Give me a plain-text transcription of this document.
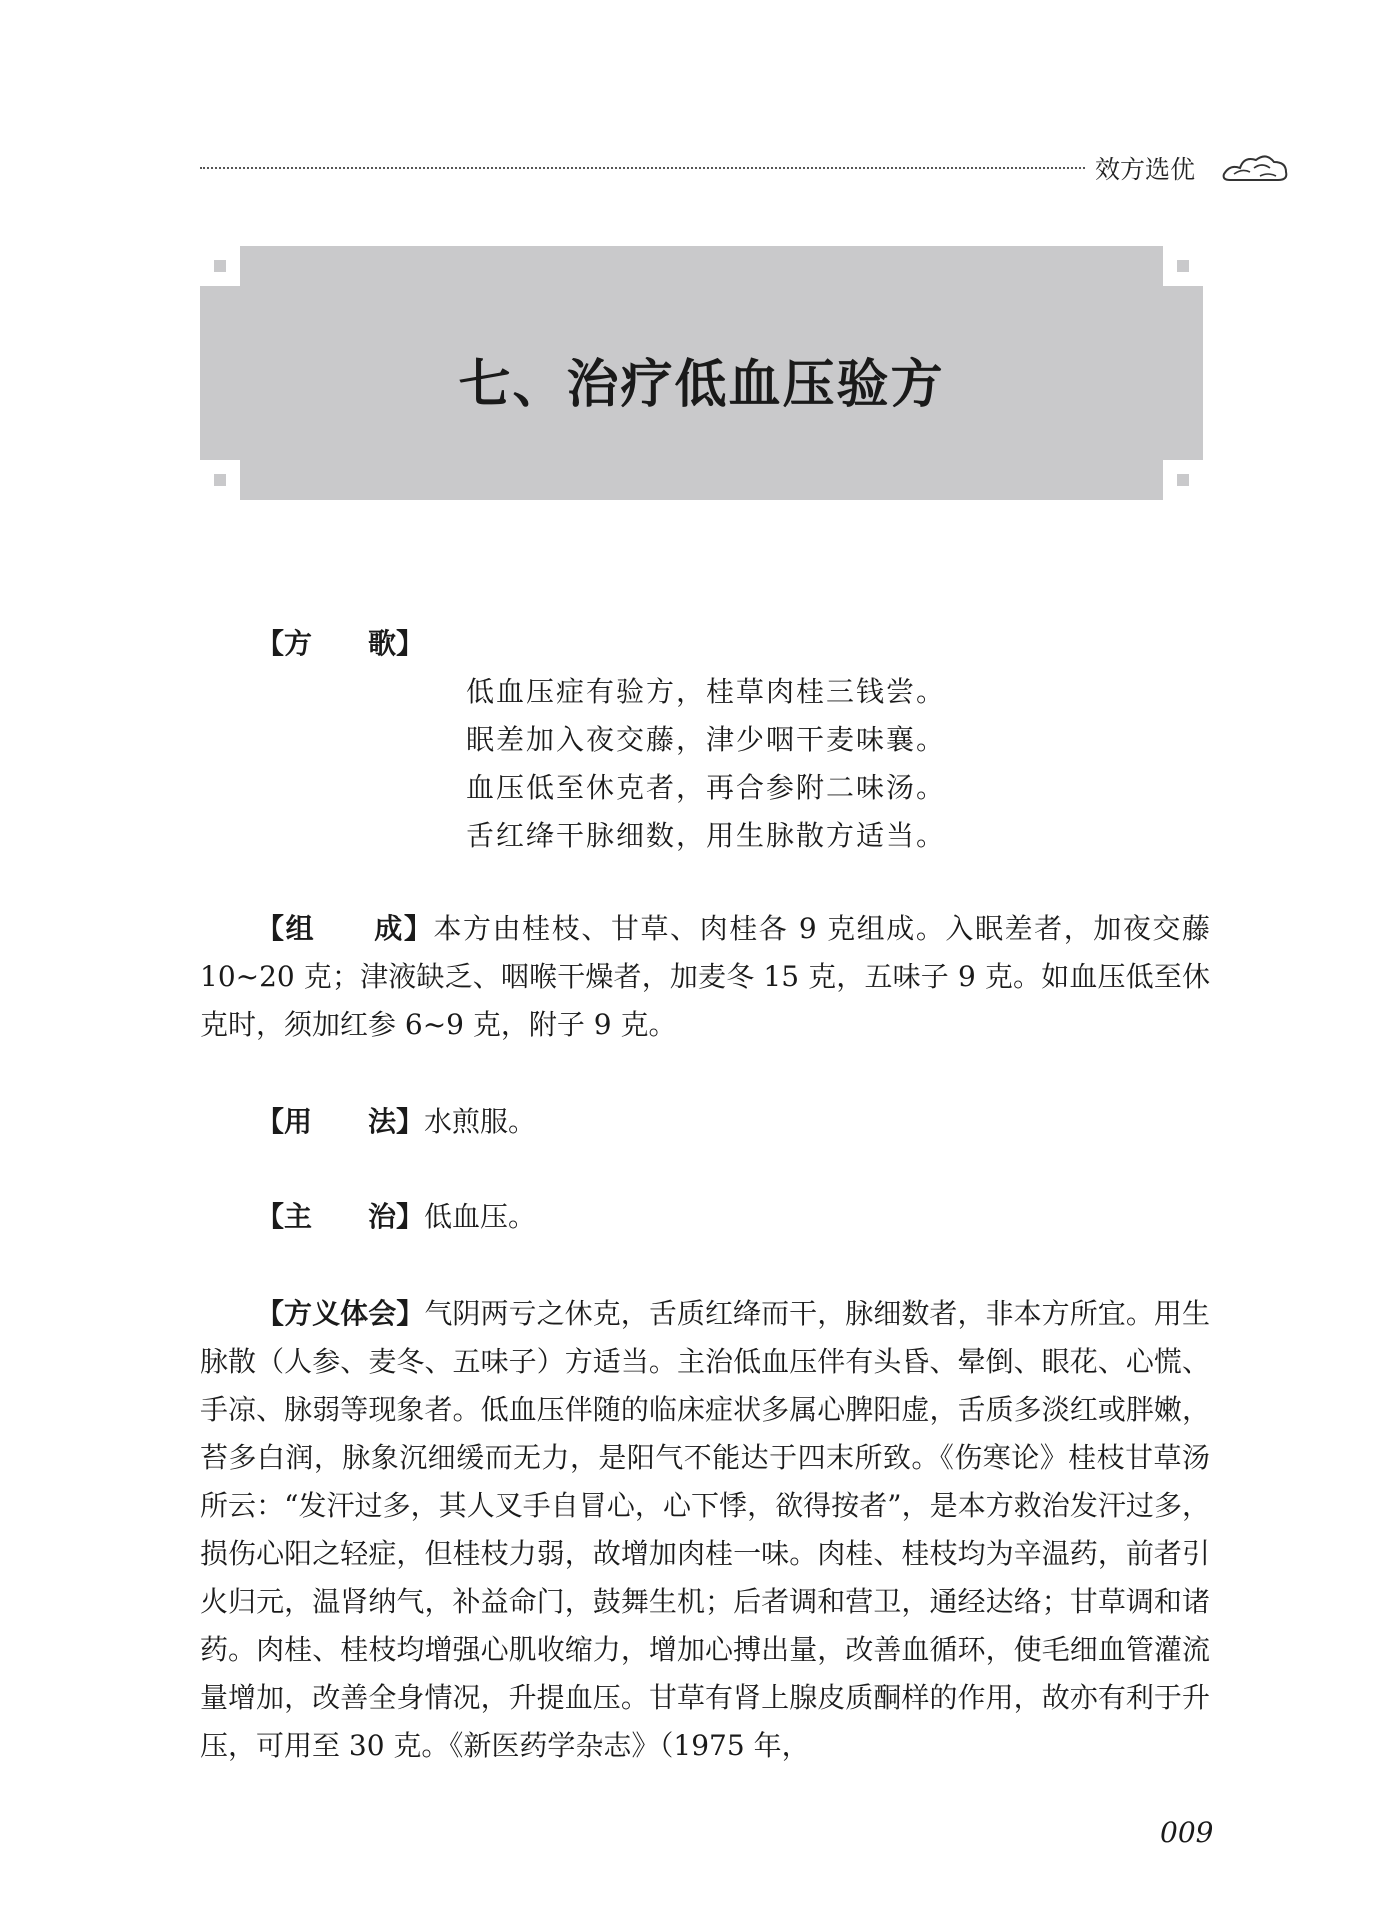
效方选优
七、治疗低血压验方
【方　　歌】
低血压症有验方，桂草肉桂三钱尝。
眠差加入夜交藤，津少咽干麦味襄。
血压低至休克者，再合参附二味汤。
舌红绛干脉细数，用生脉散方适当。
【组　　成】本方由桂枝、甘草、肉桂各 9 克组成。入眠差者，加夜交藤 10~20 克；津液缺乏、咽喉干燥者，加麦冬 15 克，五味子 9 克。如血压低至休克时，须加红参 6~9 克，附子 9 克。
【用　　法】水煎服。
【主　　治】低血压。
【方义体会】气阴两亏之休克，舌质红绛而干，脉细数者，非本方所宜。用生脉散（人参、麦冬、五味子）方适当。主治低血压伴有头昏、晕倒、眼花、心慌、手凉、脉弱等现象者。低血压伴随的临床症状多属心脾阳虚，舌质多淡红或胖嫩，苔多白润，脉象沉细缓而无力，是阳气不能达于四末所致。《伤寒论》桂枝甘草汤所云：“发汗过多，其人叉手自冒心，心下悸，欲得按者”，是本方救治发汗过多，损伤心阳之轻症，但桂枝力弱，故增加肉桂一味。肉桂、桂枝均为辛温药，前者引火归元，温肾纳气，补益命门，鼓舞生机；后者调和营卫，通经达络；甘草调和诸药。肉桂、桂枝均增强心肌收缩力，增加心搏出量，改善血循环，使毛细血管灌流量增加，改善全身情况，升提血压。甘草有肾上腺皮质酮样的作用，故亦有利于升压，可用至 30 克。《新医药学杂志》（1975 年，
009
